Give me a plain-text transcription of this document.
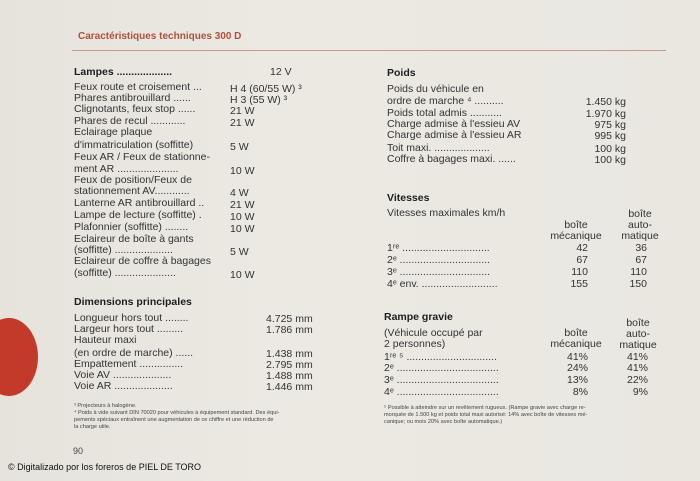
Caractéristiques techniques 300 D
90
© Digitalizado por los foreros de PIEL DE TORO
Lampes ...................	12 V
Feux route et croisement ...	H 4 (60/55 W) ³
Phares antibrouillard ......	H 3 (55 W) ³
Clignotants, feux stop ......	21 W
Phares de recul ............	21 W
Eclairage plaque
d'immatriculation (soffitte)	5 W
Feux AR / Feux de stationne-
ment AR .....................	10 W
Feux de position/Feux de
stationnement AV............	4 W
Lanterne AR antibrouillard .. 21 W
Lampe de lecture (soffitte) .	10 W
Plafonnier (soffitte) ........	10 W
Eclaireur de boîte à gants
(soffitte) ....................	5 W
Eclaireur de coffre à bagages
(soffitte) .....................	10 W
Dimensions principales
Longueur hors tout ........	4.725 mm
Largeur hors tout .........	1.786 mm
Hauteur maxi
(en ordre de marche) ......	1.438 mm
Empattement ...............	2.795 mm
Voie AV ....................	1.488 mm
Voie AR ....................	1.446 mm
³ Projecteurs à halogène.
⁴ Poids à vide suivant DIN 70020 pour véhicules à équipement standard. Des équi-
pements spéciaux entraînent une augmentation de ce chiffre et une réduction de
la charge utile.
Poids
Poids du véhicule en
ordre de marche ⁴ ..........	1.450 kg
Poids total admis ...........	1.970 kg
Charge admise à l'essieu AV	975 kg
Charge admise à l'essieu AR	995 kg
Toit maxi. ...................	100 kg
Coffre à bagages maxi. ......	100 kg
Vitesses
Vitesses maximales km/h
boîte
mécanique
boîte
auto-
matique
1ʳᵉ ..............................	42	36
2ᵉ ...............................	67	67
3ᵉ ...............................	110	110
4ᵉ env. ..........................	155	150
Rampe gravie
(Véhicule occupé par
2 personnes)
boîte
mécanique
boîte
auto-
matique
1ʳᵉ ⁵ ...............................	41%	41%
2ᵉ ...................................	24%	41%
3ᵉ ...................................	13%	22%
4ᵉ ...................................	8%	9%
⁵ Possible à atteindre sur un revêtement rugueux. (Rampe gravie avec charge re-
morquée de 1.500 kg et poids total maxi autorisé: 14% avec boîte de vitesses mé-
canique; ou mois 20% avec boîte automatique.)
